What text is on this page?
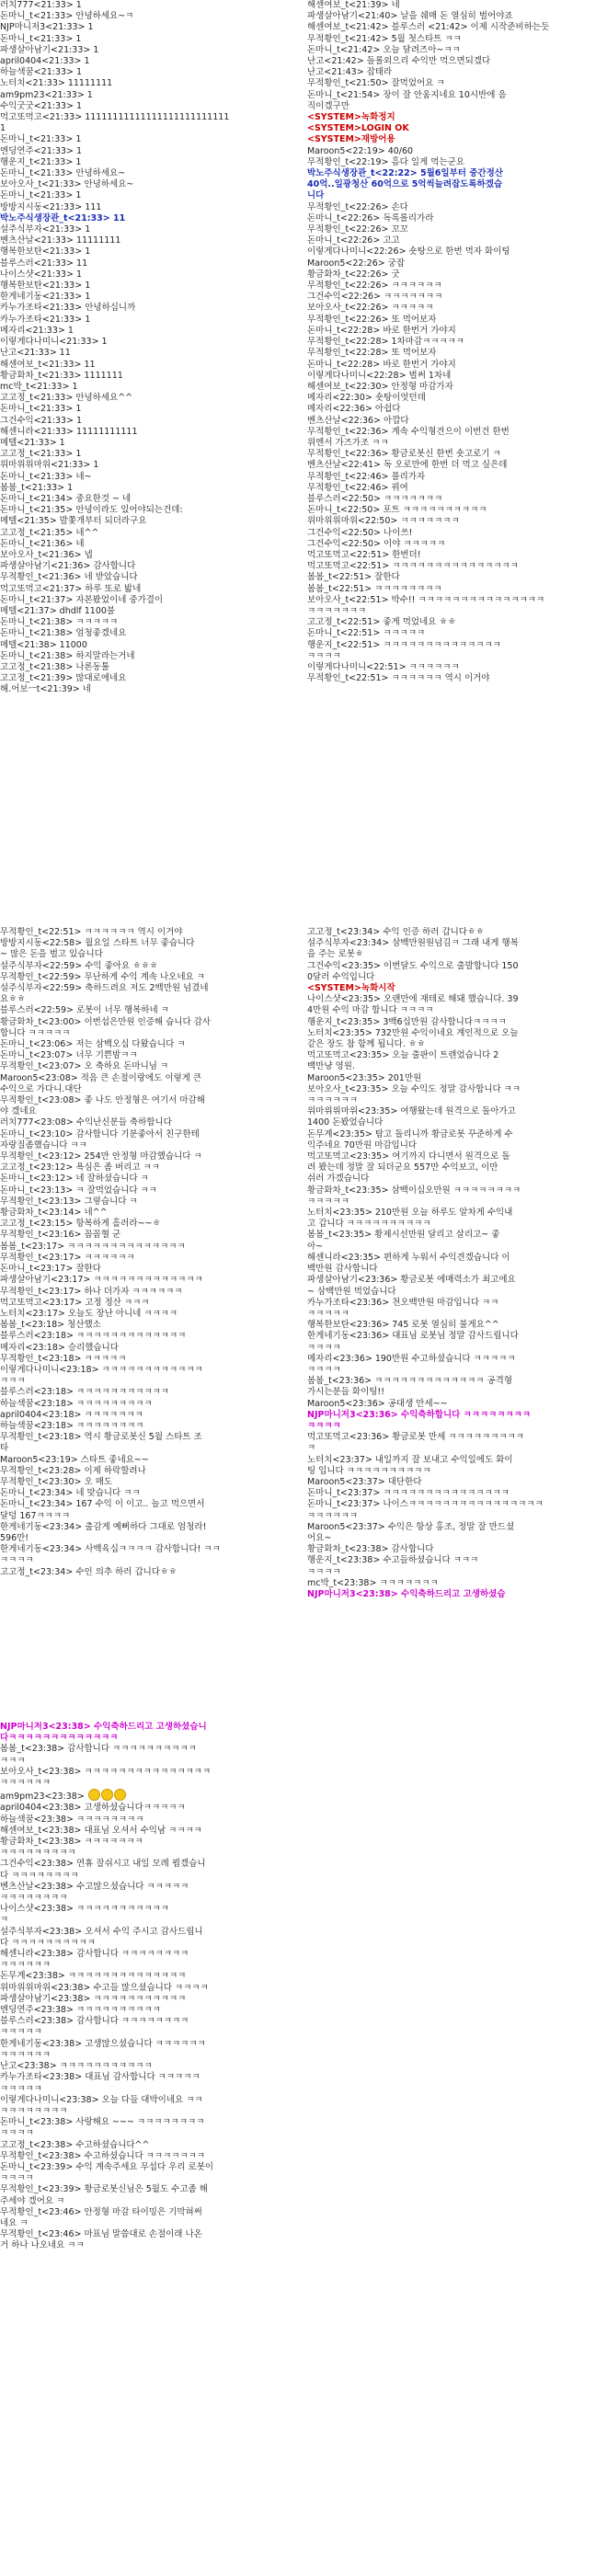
러치777<21:33> 1
돈마니_t<21:33> 안녕하세요~ㅋ
NJP마니저3<21:33> 1
돈마니_t<21:33> 1
파생살아남기<21:33> 1
april0404<21:33> 1
하늘색꿈<21:33> 1
노터치<21:33> 11111111
am9pm23<21:33> 1
수익굿굿<21:33> 1
먹고또먹고<21:33> 11111111111111111111111111
1
돈마니_t<21:33> 1
엔딩연주<21:33> 1
행운지_t<21:33> 1
돈마니_t<21:33> 안녕하세요~
보아오사_t<21:33> 안녕하세요~
돈마니_t<21:33> 1
방방지시동<21:33> 111
박노주식생장관_t<21:33> 11
설주식부자<21:33> 1
벤츠산날<21:33> 11111111
행복한보탄<21:33> 1
블루스러<21:33> 11
나이스샷<21:33> 1
행복한보탄<21:33> 1
한게네기동<21:33> 1
카누가조타<21:33> 안녕하십니까
카누가조타<21:33> 1
메자리<21:33> 1
이렇게다나미니<21:33> 1
난고<21:33> 11
해센여보_t<21:33> 11
황금화차_t<21:33> 1111111
mc박_t<21:33> 1
고고정_t<21:33> 안녕하세요^^
돈마니_t<21:33> 1
그건수익<21:33> 1
해센니라<21:33> 11111111111
메텔<21:33> 1
고고정_t<21:33> 1
위마위위마위<21:33> 1
돈마니_t<21:33> 네~
봄봄_t<21:33> 1
돈마니_t<21:34> 중요한것 ~ 네
돈마니_t<21:35> 안녕이라도 있어야되는건데:
메텔<21:35> 발쫓개부터 되더라구요
고고정_t<21:35> 네^^
돈마니_t<21:36> 네
보아오사_t<21:36> 넵
파생살아남기<21:36> 감사합니다
무적황인_t<21:36> 네 받았습니다
먹고또먹고<21:37> 하루 또로 밟네
돈마니_t<21:37> 자본봤었이네 중가결이
메텔<21:37> dhdlf 1100불
돈마니_t<21:38> ㅋㅋㅋㅋㅋ
돈마니_t<21:38> 엄청좋겠네요
메텔<21:38> 11000
돈마니_t<21:38> 하지말라는거네
고고정_t<21:38> 나론동툴
고고정_t<21:39> 많대로에네요
해.어보ㅡt<21:39> 네
해센여보_t<21:39> 네
파생살아남기<21:40> 날을 쉐매 돈 열심히 벌어야죠
해센여보_t<21:42> 블루스러 <21:42> 이제 시작준비하는듯
무적황인_t<21:42> 5월 첫스타트 ㅋㅋ
돈마니_t<21:42> 오늘 달려즈아~ㅋㅋ
난고<21:42> 돌롤외으리 수익만 먹으면되겠다
난고<21:43> 잡태라
무적황인_t<21:50> 잘먹었어요 ㅋ
돈마니_t<21:54> 장이 잘 안움지네요 10시반에 음
직이겠구만
<SYSTEM>녹화정지
<SYSTEM>LOGIN OK
<SYSTEM>재방어용
Maroon5<22:19> 40/60
무적황인_t<22:19> 흠다 일게 먹는군요
박노주식생장관_t<22:22> 5월6일부터 중간정산
40억..일광청산 60억으로 5억씩늘려잡도록하겠습
니다
무적황인_t<22:26> 손다
돈마니_t<22:26> 독록롤리가라
무적황인_t<22:26> 꼬꼬
돈마니_t<22:26> 고고
이렇게다나미니<22:26> 숏탕으로 한번 먹자 화이팅
Maroon5<22:26> 궁잡
황금화차_t<22:26> 굿
무적황인_t<22:26> ㅋㅋㅋㅋㅋㅋ
그건수익<22:26> ㅋㅋㅋㅋㅋㅋㅋ
보아오사_t<22:26> ㅋㅋㅋㅋㅋ
무적황인_t<22:26> 또 먹어보자
돈마니_t<22:28> 바로 한번거 가야지
무적황인_t<22:28> 1차마감ㅋㅋㅋㅋㅋ
무적황인_t<22:28> 또 먹어보자
돈마니_t<22:28> 바로 한번거 가야지
이렇게다나미니<22:28> 벌써 1차네
해센여보_t<22:30> 안정형 마감가자
메자리<22:30> 숏탕이엇던데
메자리<22:36> 아쉽다
벤츠산날<22:36> 아깝다
무적황인_t<22:36> 계속 수익형견으이 이번건 한번
위엔서 가즈가조 ㅋㅋ
무적황인_t<22:36> 황금로봇신 한번 숏고로기 ㅋ
벤츠산날<22:41> 독 오로만에 한번 더 먹고 싶은데
무적황인_t<22:46> 풀리가자
무적황인_t<22:46> 꿔여
블루스러<22:50> ㅋㅋㅋㅋㅋㅋㅋ
돈마니_t<22:50> 포트 ㅋㅋㅋㅋㅋㅋㅋㅋㅋㅋ
위마위위마위<22:50> ㅋㅋㅋㅋㅋㅋㅋ
그건수익<22:50> 나이쓰!
그건수익<22:50> 이야 ㅋㅋㅋㅋㅋ
먹고또먹고<22:51> 한번더!
먹고또먹고<22:51> ㅋㅋㅋㅋㅋㅋㅋㅋㅋㅋㅋㅋㅋㅋㅋ
봄봄_t<22:51> 잘한다
봄봄_t<22:51> ㅋㅋㅋㅋㅋㅋㅋㅋ
보아오사_t<22:51> 박수!! ㅋㅋㅋㅋㅋㅋㅋㅋㅋㅋㅋㅋㅋㅋㅋ
ㅋㅋㅋㅋㅋㅋㅋ
고고정_t<22:51> 좋게 먹었네요 ㅎㅎ
돈마니_t<22:51> ㅋㅋㅋㅋㅋ
행운지_t<22:51> ㅋㅋㅋㅋㅋㅋㅋㅋㅋㅋㅋㅋㅋㅋ
ㅋㅋㅋㅋ
이렇게다나미니<22:51> ㅋㅋㅋㅋㅋㅋ
무적황인_t<22:51> ㅋㅋㅋㅋㅋㅋ 역시 이거야
무적황인_t<22:51> ㅋㅋㅋㅋㅋㅋ 역시 이거야
방방지시동<22:58> 월요일 스타트 너무 좋습니다
~ 많은 돈을 벌고 있습니다
설주식부자<22:59> 수익 좋아요 ㅎㅎㅎ
무적황인_t<22:59> 무난하게 수익 계속 나오네요 ㅋ
설주식부자<22:59> 축하드려요 저도 2백만원 넘겼네
요ㅎㅎ
블루스러<22:59> 로봇이 너무 행복하네 ㅋ
황금화차_t<23:00> 이번섭은만원 인증해 습니다 감사
합니다 ㅋㅋㅋㅋㅋ
돈마니_t<23:06> 저는 삼백오십 다왔습니다 ㅋ
돈마니_t<23:07> 너무 기쁜밤ㅋㅋ
무적황인_t<23:07> 오 축하요 돈마니님 ㅋ
Maroon5<23:08> 적음 큰 손절이랑에도 이렇게 큰
수익으로 가다니.대단
무적황인_t<23:08> 좋 나도 안정형은 여기서 마감해
야 겠네요
러치777<23:08> 수익난신분들 축하합니다
돈마니_t<23:10> 감사합니다 기분좋아서 친구한테
자랑질좀했습니다 ㅋㅋ
무적황인_t<23:12> 254만 안정형 마감했습니다 ㅋ
고고정_t<23:12> 욕심은 좀 버리고 ㅋㅋ
돈마니_t<23:12> 네 잘하셨습니다 ㅋ
돈마니_t<23:13> ㅋ 잘먹었습니다 ㅋㅋ
무적황인_t<23:13> 그렇습니다 ㅋ
황금화차_t<23:14> 네^^
고고정_t<23:15> 항복하게 흘러라~~ㅎ
무적황인_t<23:16> 꼼꼼혈 군
봄봄_t<23:17> ㅋㅋㅋㅋㅋㅋㅋㅋㅋㅋㅋㅋㅋㅋ
무적황인_t<23:17> ㅋㅋㅋㅋㅋㅋ
돈마니_t<23:17> 잘한다
파생살아남기<23:17> ㅋㅋㅋㅋㅋㅋㅋㅋㅋㅋㅋㅋㅋ
무적황인_t<23:17> 하나 더가자 ㅋㅋㅋㅋㅋㅋ
먹고또먹고<23:17> 고정 정산 ㅋㅋㅋ
노터치<23:17> 오늘도 장난 아니네 ㅋㅋㅋㅋ
봄봄_t<23:18> 청산했소
블루스러<23:18> ㅋㅋㅋㅋㅋㅋㅋㅋㅋㅋㅋㅋㅋ
메자리<23:18> 승리했습니다
무적황인_t<23:18> ㅋㅋㅋㅋㅋ
이렇게다나미니<23:18> ㅋㅋㅋㅋㅋㅋㅋㅋㅋㅋㅋㅋ
ㅋㅋㅋ
블루스러<23:18> ㅋㅋㅋㅋㅋㅋㅋㅋㅋㅋㅋ
하늘색꿈<23:18> ㅋㅋㅋㅋㅋㅋㅋㅋㅋ
april0404<23:18> ㅋㅋㅋㅋㅋㅋㅋ
하늘색꿈<23:18> ㅋㅋㅋㅋㅋㅋㅋㅋ
무적황인_t<23:18> 역시 황금로봇신 5월 스타트 조
타
Maroon5<23:19> 스타트 좋네요~~
무적황인_t<23:28> 이제 하락할려나
무적황인_t<23:30> 오 매도
돈마니_t<23:34> 네 맞습니다 ㅋㅋ
돈마니_t<23:34> 167 수익 이 이고.. 놀고 먹으면서
달덩 167ㅋㅋㅋㅋ
한게네기동<23:34> 출감게 예뻐하다 그대로 엄청라!
596만!
한게네기동<23:34> 사백육십ㅋㅋㅋㅋ 감사합니다! ㅋㅋ
ㅋㅋㅋㅋ
고고정_t<23:34> 수인 의추 하러 갑니다ㅎㅎ
고고정_t<23:34> 수익 인증 하러 갑니다ㅎㅎ
설주식부자<23:34> 삼백만원원넘김ㅋ 그래 내게 행복
을 주는 로봇ㅎ
그건수익<23:35> 이번달도 수익으로 출발합니다 150
0달러 수익입니다
<SYSTEM>녹화시작
나이스샷<23:35> 오랜만에 재테로 해돼 했습니다. 39
4만원 수익 마감 합니다 ㅋㅋㅋㅋ
행운지_t<23:35> 3백6십만원 감사합니다ㅋㅋㅋㅋ
노터치<23:35> 732만원 수익이네요 계인적으로 오늘
같은 장도 참 함께 됩니다. ㅎㅎ
먹고또먹고<23:35> 오늘 출판이 트렌었습니다 2
백만냥 영원.
Maroon5<23:35> 201만원
보아오사_t<23:35> 오늘 수익도 정말 감사합니다 ㅋㅋ
ㅋㅋㅋㅋㅋㅋ
위마위위마위<23:35> 여행왔는데 원격으로 돌아가고
1400 돈봤었습니다
돈무계<23:35> 탐고 돌리니까 황금로봇 꾸준하게 수
익주네요 70만원 마감입니다
먹고또먹고<23:35> 여기까지 다니면서 원격으로 돌
려 봤는데 정말 잘 되더군요 557만 수익보고, 이만
쉬러 가겠습니다
황금화차_t<23:35> 삼백이십오만원 ㅋㅋㅋㅋㅋㅋㅋㅋ
ㅋㅋㅋㅋㅋ
노터치<23:35> 210만원 오늘 하루도 알차게 수익내
고 갑니다 ㅋㅋㅋㅋㅋㅋㅋㅋㅋㅋ
봄봄_t<23:35> 황제시선만원 달리고 살리고~ 좋
아~
해센니라<23:35> 편하게 누워서 수익견겠습니다 이
백만원 감사합니다
파생살아남기<23:36> 황금로봇 에매력소가 최고에요
~ 삼백만원 먹었습니다
카누가조타<23:36> 천오백만원 마감입니다 ㅋㅋ
ㅋㅋㅋㅋㅋ
행복한보탄<23:36> 745 로봇 열심히 불게요^^
한게네기동<23:36> 대표님 로봇님 정말 감사드립니다
ㅋㅋㅋㅋ
메자리<23:36> 190만원 수고하셨습니다 ㅋㅋㅋㅋㅋ
ㅋㅋㅋㅋ
봄봄_t<23:36> ㅋㅋㅋㅋㅋㅋㅋㅋㅋㅋㅋㅋㅋ 공격형
가시는분들 화이팅!!
Maroon5<23:36> 공대생 만세~~
NJP마니저3<23:36> 수익축하합니다 ㅋㅋㅋㅋㅋㅋㅋㅋ
ㅋㅋㅋㅋ
먹고또먹고<23:36> 황금로봇 만세 ㅋㅋㅋㅋㅋㅋㅋㅋㅋ
ㅋ
노터치<23:37> 내일까지 잘 보내고 수익일에도 화이
팅 입니다 ㅋㅋㅋㅋㅋㅋㅋㅋㅋㅋ
Maroon5<23:37> 대단한다
돈마니_t<23:37> ㅋㅋㅋㅋㅋㅋㅋㅋㅋㅋㅋㅋㅋㅋㅋ
돈마니_t<23:37> 나이스ㅋㅋㅋㅋㅋㅋㅋㅋㅋㅋㅋㅋㅋㅋㅋㅋ
ㅋㅋㅋㅋㅋㅋ
Maroon5<23:37> 수익은 항상 홍조, 정말 잘 만드셨
어요~
황금화차_t<23:38> 감사합니다
행운지_t<23:38> 수고들하셨습니다 ㅋㅋㅋ
ㅋㅋㅋㅋ
mc박_t<23:38> ㅋㅋㅋㅋㅋㅋㅋ
NJP마니저3<23:38> 수익축하드리고 고생하셨습
NJP마니저3<23:38> 수익축하드리고 고생하셨습니
다ㅋㅋㅋㅋㅋㅋㅋㅋㅋㅋㅋㅋㅋ
봄봄_t<23:38> 감사합니다 ㅋㅋㅋㅋㅋㅋㅋㅋㅋㅋ
ㅋㅋㅋ
보아오사_t<23:38> ㅋㅋㅋㅋㅋㅋㅋㅋㅋㅋㅋㅋㅋㅋㅋ
ㅋㅋㅋㅋㅋㅋ
am9pm23<23:38>
april0404<23:38> 고생하셨습니다ㅋㅋㅋㅋㅋ
하늘색꿈<23:38> ㅋㅋㅋㅋㅋㅋㅋㅋ
해센여보_t<23:38> 대표님 오셔서 수익남 ㅋㅋㅋㅋ
황금화차_t<23:38> ㅋㅋㅋㅋㅋㅋㅋ
ㅋㅋㅋㅋㅋㅋㅋㅋㅋ
그건수익<23:38> 연휴 잘쉬시고 내일 모레 뵙겠습니
다 ㅋㅋㅋㅋㅋㅋㅋㅋ
벤츠산날<23:38> 수고많으셨습니다 ㅋㅋㅋㅋㅋ
ㅋㅋㅋㅋㅋㅋㅋㅋ
나이스샷<23:38> ㅋㅋㅋㅋㅋㅋㅋㅋㅋㅋㅋ
ㅋ
설주식부자<23:38> 오셔서 수익 주시고 감사드립니
다 ㅋㅋㅋㅋㅋㅋㅋㅋㅋㅋ
해센니라<23:38> 감사합니다 ㅋㅋㅋㅋㅋㅋㅋㅋ
ㅋㅋㅋㅋㅋㅋ
돈무계<23:38> ㅋㅋㅋㅋㅋㅋㅋㅋㅋㅋㅋㅋㅋㅋ
위마위위마위<23:38> 수고들 많으셨습니다 ㅋㅋㅋㅋ
파생살아남기<23:38> ㅋㅋㅋㅋㅋㅋㅋㅋㅋㅋㅋ
엔딩연주<23:38> ㅋㅋㅋㅋㅋㅋㅋㅋㅋㅋ
블루스러<23:38> 감사합니다 ㅋㅋㅋㅋㅋㅋㅋㅋ
ㅋㅋㅋㅋㅋ
한게네기동<23:38> 고생많으셨습니다 ㅋㅋㅋㅋㅋㅋ
ㅋㅋㅋㅋㅋㅋ
난고<23:38> ㅋㅋㅋㅋㅋㅋㅋㅋㅋㅋㅋ
카누가조타<23:38> 대표님 감사합니다 ㅋㅋㅋㅋㅋ
ㅋㅋㅋㅋㅋ
이렇게다나미니<23:38> 오늘 다들 대박이네요 ㅋㅋ
ㅋㅋㅋㅋㅋㅋㅋㅋ
돈마니_t<23:38> 사랑해요 ~~~ ㅋㅋㅋㅋㅋㅋㅋㅋ
ㅋㅋㅋㅋ
고고정_t<23:38> 수고하셨습니다^^
무적황인_t<23:38> 수고하셨습니다 ㅋㅋㅋㅋㅋㅋㅋ
돈마니_t<23:39> 수익 계속주세요 무섭다 우리 로봇이
ㅋㅋㅋㅋ
무적황인_t<23:39> 황금로봇신님은 5월도 수고좀 해
주세야 겠어요 ㅋ
무적황인_t<23:46> 안정형 마감 타이밍은 기막혀써
네요 ㅋ
무적황인_t<23:46> 마표님 말씀대로 손절이래 나온
거 하나 나오네요 ㅋㅋ
